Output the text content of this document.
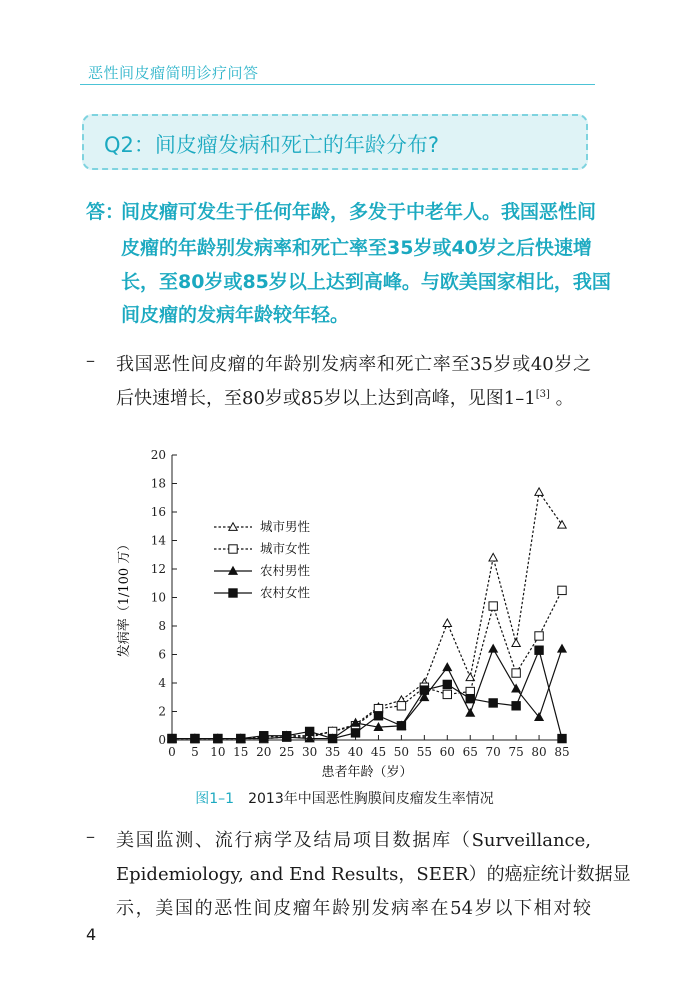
恶性间皮瘤简明诊疗问答
Q2：间皮瘤发病和死亡的年龄分布?
答：
间皮瘤可发生于任何年龄，多发于中老年人。我国恶性间
皮瘤的年龄别发病率和死亡率至35岁或40岁之后快速增
长，至80岁或85岁以上达到高峰。与欧美国家相比，我国
间皮瘤的发病年龄较年轻。
– 我国恶性间皮瘤的年龄别发病率和死亡率至35岁或40岁之
后快速增长，至80岁或85岁以上达到高峰，见图1–1[3] 。
0
2
4
6
8
10
12
14
16
18
20
0 5 10 15 20 25 30 35 40 45 50 55 60 65 70 75 80 85
城市男性
城市女性
农村男性
农村女性
发病率（1/100 万）
患者年龄（岁）
图1–1 2013年中国恶性胸膜间皮瘤发生率情况
– 美国监测、流行病学及结局项目数据库（Surveillance,
Epidemiology, and End Results，SEER）的癌症统计数据显
示，美国的恶性间皮瘤年龄别发病率在54岁以下相对较
4
